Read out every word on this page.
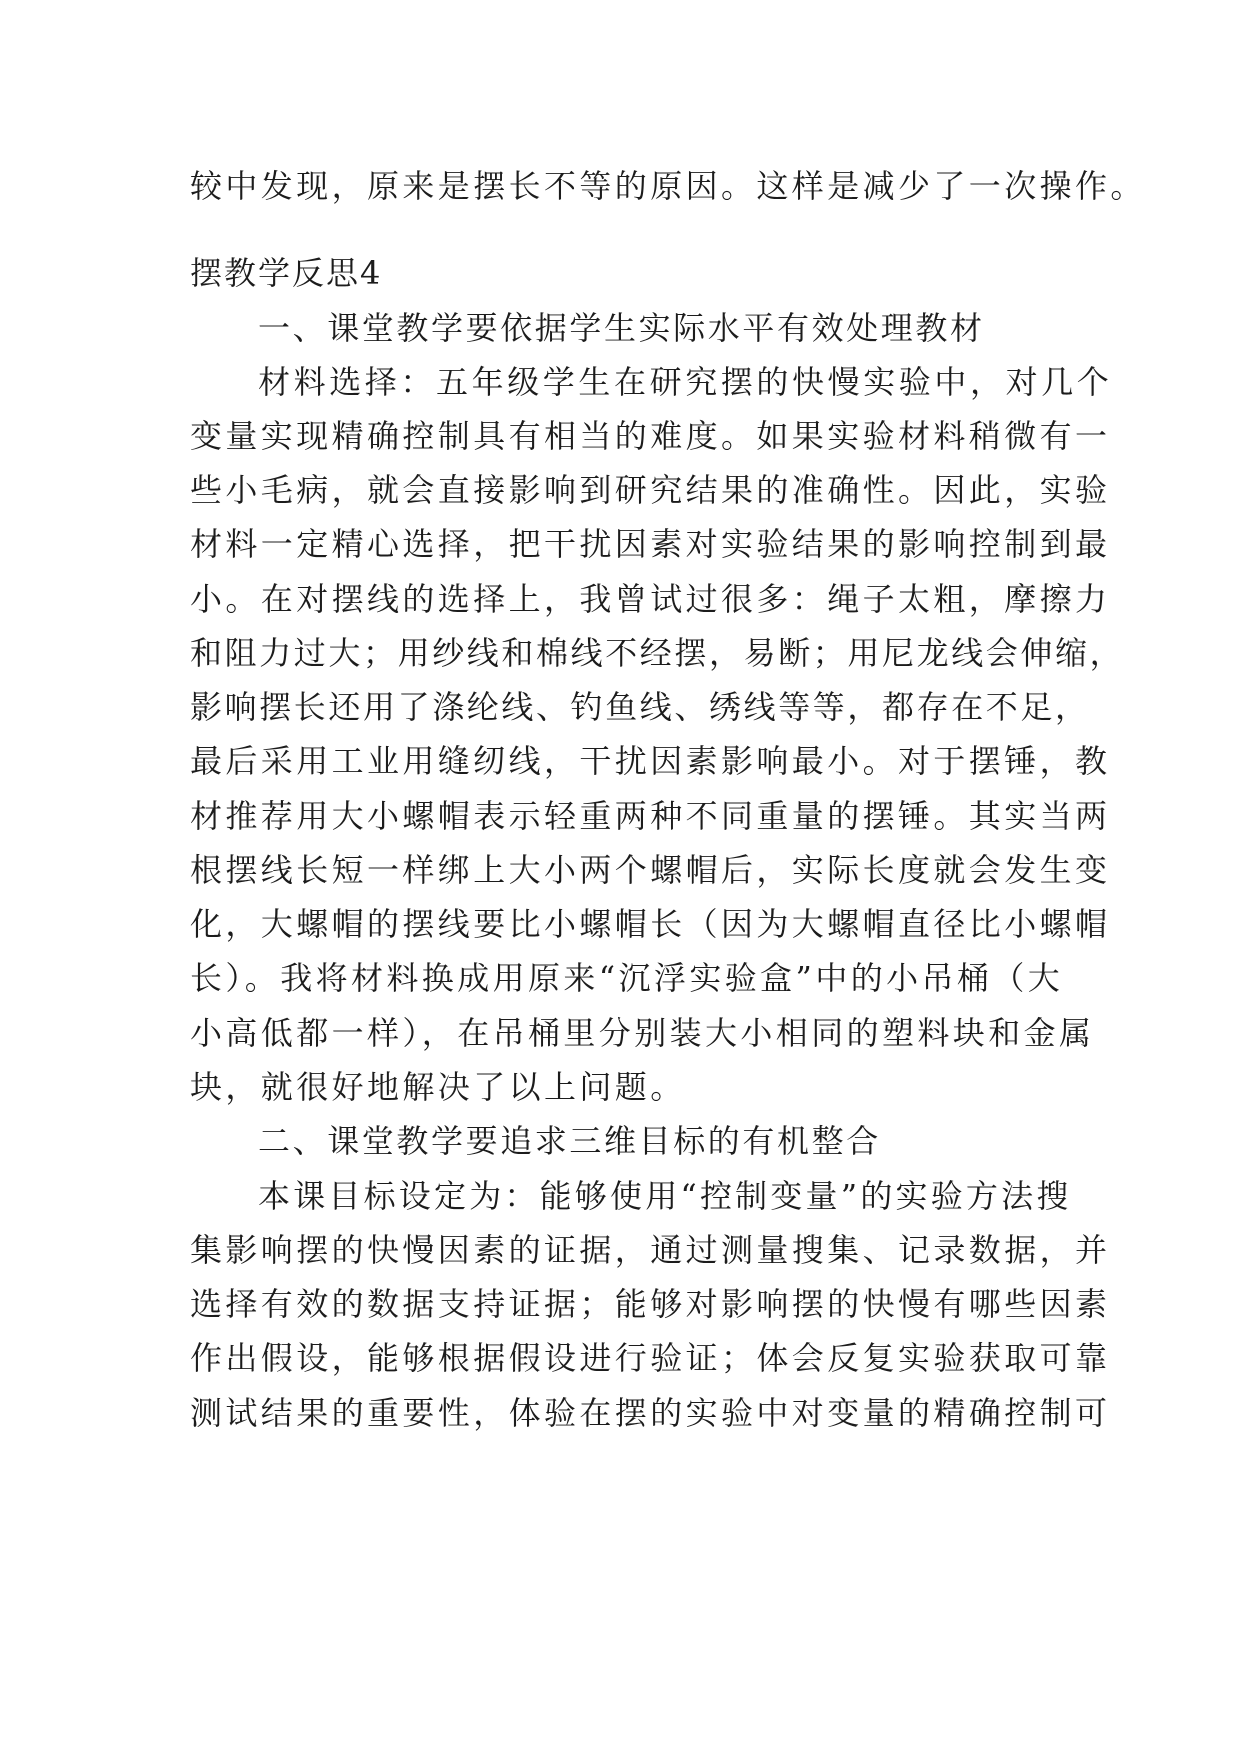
较中发现，原来是摆长不等的原因。这样是减少了一次操作。

摆教学反思4

一、课堂教学要依据学生实际水平有效处理教材

材料选择：五年级学生在研究摆的快慢实验中，对几个

变量实现精确控制具有相当的难度。如果实验材料稍微有一

些小毛病，就会直接影响到研究结果的准确性。因此，实验

材料一定精心选择，把干扰因素对实验结果的影响控制到最

小。在对摆线的选择上，我曾试过很多：绳子太粗，摩擦力

和阻力过大；用纱线和棉线不经摆，易断；用尼龙线会伸缩，

影响摆长还用了涤纶线、钓鱼线、绣线等等，都存在不足，

最后采用工业用缝纫线，干扰因素影响最小。对于摆锤，教

材推荐用大小螺帽表示轻重两种不同重量的摆锤。其实当两

根摆线长短一样绑上大小两个螺帽后，实际长度就会发生变

化，大螺帽的摆线要比小螺帽长（因为大螺帽直径比小螺帽

长）。我将材料换成用原来“沉浮实验盒”中的小吊桶（大

小高低都一样），在吊桶里分别装大小相同的塑料块和金属

块，就很好地解决了以上问题。

二、课堂教学要追求三维目标的有机整合

本课目标设定为：能够使用“控制变量”的实验方法搜

集影响摆的快慢因素的证据，通过测量搜集、记录数据，并

选择有效的数据支持证据；能够对影响摆的快慢有哪些因素

作出假设，能够根据假设进行验证；体会反复实验获取可靠

测试结果的重要性，体验在摆的实验中对变量的精确控制可
